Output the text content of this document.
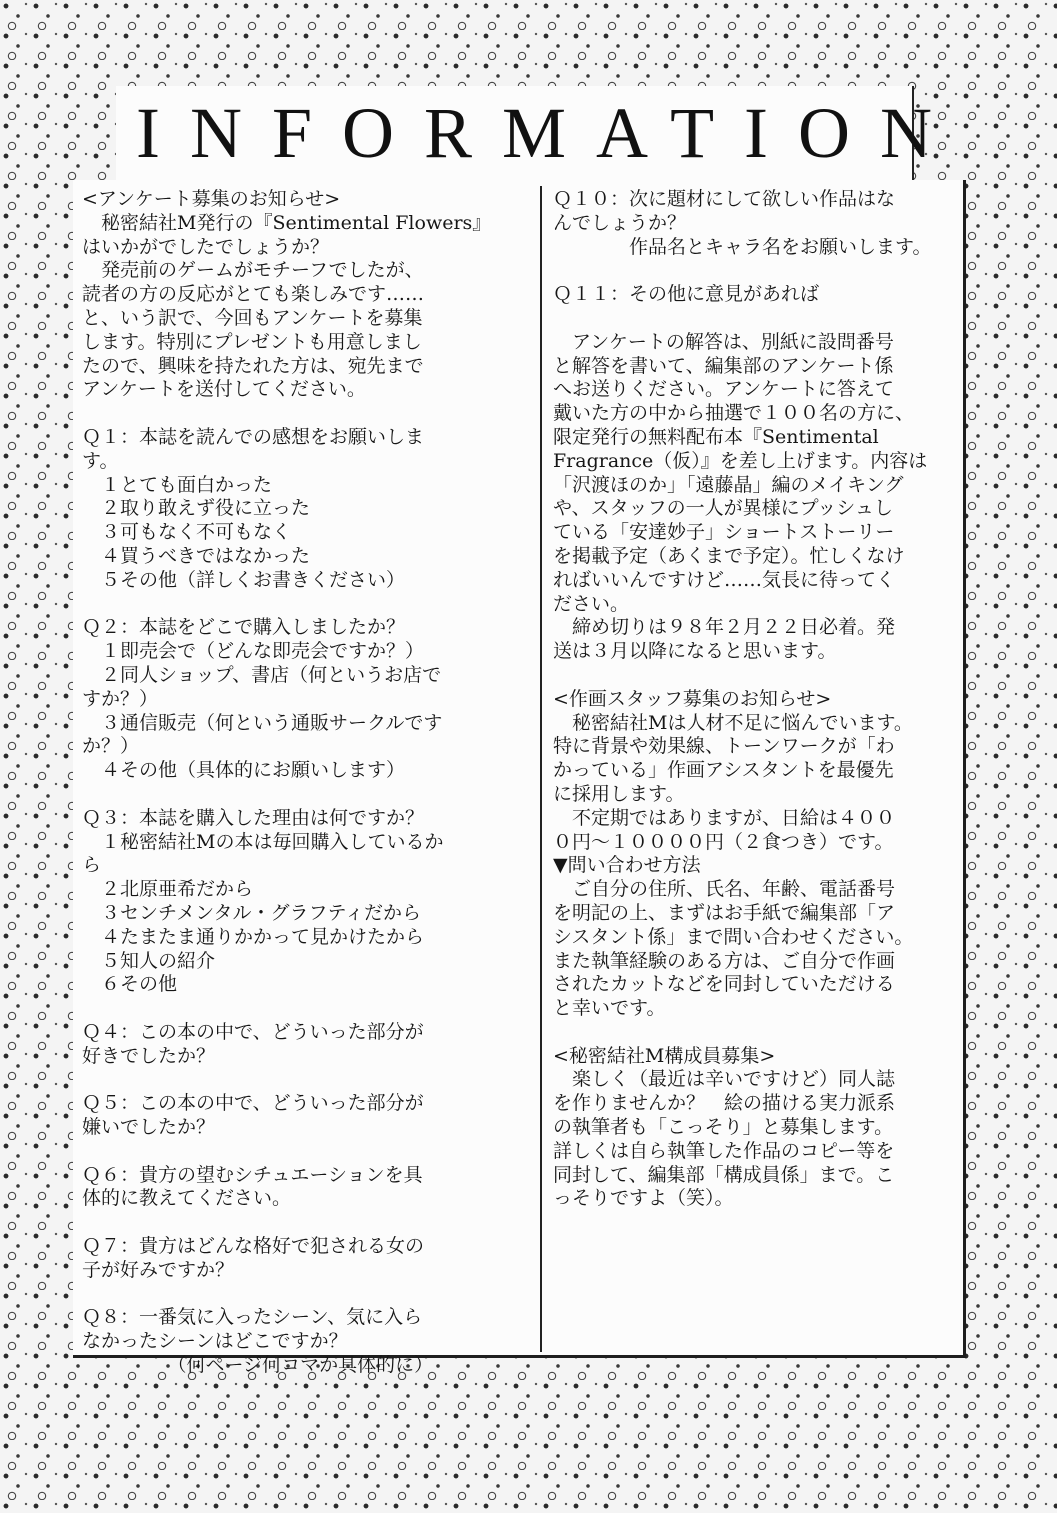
INFORMATION

<アンケート募集のお知らせ>

　秘密結社M発行の『Sentimental Flowers』

はいかがでしたでしょうか？

　発売前のゲームがモチーフでしたが、

読者の方の反応がとても楽しみです……

と、いう訳で、今回もアンケートを募集

します。特別にプレゼントも用意しまし

たので、興味を持たれた方は、宛先まで

アンケートを送付してください。

Ｑ１：本誌を読んでの感想をお願いしま

す。

　１とても面白かった

　２取り敢えず役に立った

　３可もなく不可もなく

　４買うべきではなかった

　５その他（詳しくお書きください）

Ｑ２：本誌をどこで購入しましたか？

　１即売会で（どんな即売会ですか？）

　２同人ショップ、書店（何というお店で

すか？）

　３通信販売（何という通販サークルです

か？）

　４その他（具体的にお願いします）

Ｑ３：本誌を購入した理由は何ですか？

　１秘密結社Mの本は毎回購入しているか

ら

　２北原亜希だから

　３センチメンタル・グラフティだから

　４たまたま通りかかって見かけたから

　５知人の紹介

　６その他

Ｑ４：この本の中で、どういった部分が

好きでしたか？

Ｑ５：この本の中で、どういった部分が

嫌いでしたか？

Ｑ６：貴方の望むシチュエーションを具

体的に教えてください。

Ｑ７：貴方はどんな格好で犯される女の

子が好みですか？

Ｑ８：一番気に入ったシーン、気に入ら

なかったシーンはどこですか？

　　　　　（何ページ何コマか具体的に）

Ｑ１０：次に題材にして欲しい作品はな

んでしょうか？

　　　　作品名とキャラ名をお願いします。

Ｑ１１：その他に意見があれば

　アンケートの解答は、別紙に設問番号

と解答を書いて、編集部のアンケート係

へお送りください。アンケートに答えて

戴いた方の中から抽選で１００名の方に、

限定発行の無料配布本『Sentimental

Fragrance（仮）』を差し上げます。内容は

「沢渡ほのか」「遠藤晶」編のメイキング

や、スタッフの一人が異様にプッシュし

ている「安達妙子」ショートストーリー

を掲載予定（あくまで予定）。忙しくなけ

ればいいんですけど……気長に待ってく

ださい。

　締め切りは９８年２月２２日必着。発

送は３月以降になると思います。

<作画スタッフ募集のお知らせ>

　秘密結社Mは人材不足に悩んでいます。

特に背景や効果線、トーンワークが「わ

かっている」作画アシスタントを最優先

に採用します。

　不定期ではありますが、日給は４００

０円～１００００円（２食つき）です。

▼問い合わせ方法

　ご自分の住所、氏名、年齢、電話番号

を明記の上、まずはお手紙で編集部「ア

シスタント係」まで問い合わせください。

また執筆経験のある方は、ご自分で作画

されたカットなどを同封していただける

と幸いです。

<秘密結社M構成員募集>

　楽しく（最近は辛いですけど）同人誌

を作りませんか？　絵の描ける実力派系

の執筆者も「こっそり」と募集します。

詳しくは自ら執筆した作品のコピー等を

同封して、編集部「構成員係」まで。こ

っそりですよ（笑）。
